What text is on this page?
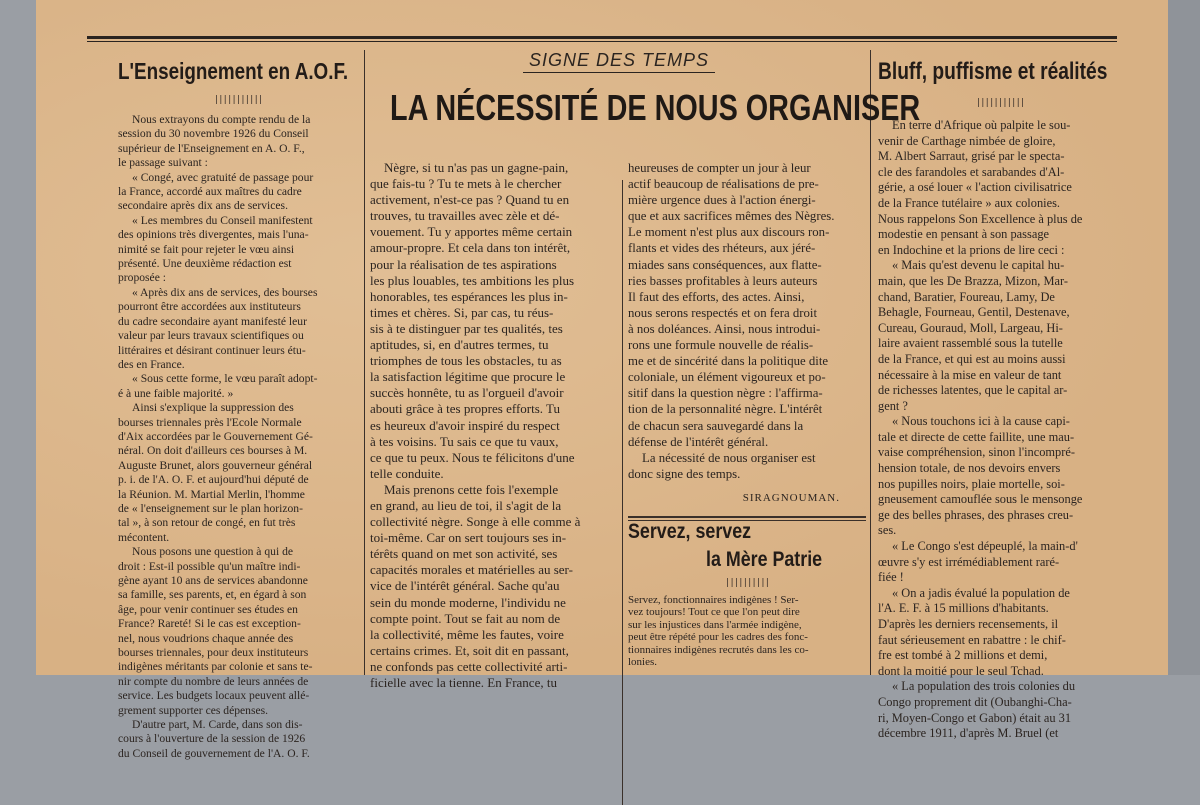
L'Enseignement en A.O.F.
|||||||||||
Nous extrayons du compte rendu de la
session du 30 novembre 1926 du Conseil
supérieur de l'Enseignement en A. O. F.,
le passage suivant :
« Congé, avec gratuité de passage pour
la France, accordé aux maîtres du cadre
secondaire après dix ans de services.
« Les membres du Conseil manifestent
des opinions très divergentes, mais l'una-
nimité se fait pour rejeter le vœu ainsi
présenté. Une deuxième rédaction est
proposée :
« Après dix ans de services, des bourses
pourront être accordées aux instituteurs
du cadre secondaire ayant manifesté leur
valeur par leurs travaux scientifiques ou
littéraires et désirant continuer leurs étu-
des en France.
« Sous cette forme, le vœu paraît adopt-
é à une faible majorité. »
Ainsi s'explique la suppression des
bourses triennales près l'Ecole Normale
d'Aix accordées par le Gouvernement Gé-
néral. On doit d'ailleurs ces bourses à M.
Auguste Brunet, alors gouverneur général
p. i. de l'A. O. F. et aujourd'hui député de
la Réunion. M. Martial Merlin, l'homme
de « l'enseignement sur le plan horizon-
tal », à son retour de congé, en fut très
mécontent.
Nous posons une question à qui de
droit : Est-il possible qu'un maître indi-
gène ayant 10 ans de services abandonne
sa famille, ses parents, et, en égard à son
âge, pour venir continuer ses études en
France? Rareté! Si le cas est exception-
nel, nous voudrions chaque année des
bourses triennales, pour deux instituteurs
indigènes méritants par colonie et sans te-
nir compte du nombre de leurs années de
service. Les budgets locaux peuvent allé-
grement supporter ces dépenses.
D'autre part, M. Carde, dans son dis-
cours à l'ouverture de la session de 1926
du Conseil de gouvernement de l'A. O. F.
SIGNE DES TEMPS
LA NÉCESSITÉ DE NOUS ORGANISER
Nègre, si tu n'as pas un gagne-pain,
que fais-tu ? Tu te mets à le chercher
activement, n'est-ce pas ? Quand tu en
trouves, tu travailles avec zèle et dé-
vouement. Tu y apportes même certain
amour-propre. Et cela dans ton intérêt,
pour la réalisation de tes aspirations
les plus louables, tes ambitions les plus
honorables, tes espérances les plus in-
times et chères. Si, par cas, tu réus-
sis à te distinguer par tes qualités, tes
aptitudes, si, en d'autres termes, tu
triomphes de tous les obstacles, tu as
la satisfaction légitime que procure le
succès honnête, tu as l'orgueil d'avoir
abouti grâce à tes propres efforts. Tu
es heureux d'avoir inspiré du respect
à tes voisins. Tu sais ce que tu vaux,
ce que tu peux. Nous te félicitons d'une
telle conduite.
Mais prenons cette fois l'exemple
en grand, au lieu de toi, il s'agit de la
collectivité nègre. Songe à elle comme à
toi-même. Car on sert toujours ses in-
térêts quand on met son activité, ses
capacités morales et matérielles au ser-
vice de l'intérêt général. Sache qu'au
sein du monde moderne, l'individu ne
compte point. Tout se fait au nom de
la collectivité, même les fautes, voire
certains crimes. Et, soit dit en passant,
ne confonds pas cette collectivité arti-
ficielle avec la tienne. En France, tu
heureuses de compter un jour à leur
actif beaucoup de réalisations de pre-
mière urgence dues à l'action énergi-
que et aux sacrifices mêmes des Nègres.
Le moment n'est plus aux discours ron-
flants et vides des rhéteurs, aux jéré-
miades sans conséquences, aux flatte-
ries basses profitables à leurs auteurs
Il faut des efforts, des actes. Ainsi,
nous serons respectés et on fera droit
à nos doléances. Ainsi, nous introdui-
rons une formule nouvelle de réalis-
me et de sincérité dans la politique dite
coloniale, un élément vigoureux et po-
sitif dans la question nègre : l'affirma-
tion de la personnalité nègre. L'intérêt
de chacun sera sauvegardé dans la
défense de l'intérêt général.
La nécessité de nous organiser est
donc signe des temps.
SIRAGNOUMAN.
Servez, servez
la Mère Patrie
||||||||||
Servez, fonctionnaires indigènes ! Ser-
vez toujours! Tout ce que l'on peut dire
sur les injustices dans l'armée indigène,
peut être répété pour les cadres des fonc-
tionnaires indigènes recrutés dans les co-
lonies.
Bluff, puffisme et réalités
|||||||||||
En terre d'Afrique où palpite le sou-
venir de Carthage nimbée de gloire,
M. Albert Sarraut, grisé par le specta-
cle des farandoles et sarabandes d'Al-
gérie, a osé louer « l'action civilisatrice
de la France tutélaire » aux colonies.
Nous rappelons Son Excellence à plus de
modestie en pensant à son passage
en Indochine et la prions de lire ceci :
« Mais qu'est devenu le capital hu-
main, que les De Brazza, Mizon, Mar-
chand, Baratier, Foureau, Lamy, De
Behagle, Fourneau, Gentil, Destenave,
Cureau, Gouraud, Moll, Largeau, Hi-
laire avaient rassemblé sous la tutelle
de la France, et qui est au moins aussi
nécessaire à la mise en valeur de tant
de richesses latentes, que le capital ar-
gent ?
« Nous touchons ici à la cause capi-
tale et directe de cette faillite, une mau-
vaise compréhension, sinon l'incompré-
hension totale, de nos devoirs envers
nos pupilles noirs, plaie mortelle, soi-
gneusement camouflée sous le mensonge
ge des belles phrases, des phrases creu-
ses.
« Le Congo s'est dépeuplé, la main-d'
œuvre s'y est irrémédiablement raré-
fiée !
« On a jadis évalué la population de
l'A. E. F. à 15 millions d'habitants.
D'après les derniers recensements, il
faut sérieusement en rabattre : le chif-
fre est tombé à 2 millions et demi,
dont la moitié pour le seul Tchad.
« La population des trois colonies du
Congo proprement dit (Oubanghi-Cha-
ri, Moyen-Congo et Gabon) était au 31
décembre 1911, d'après M. Bruel (et
